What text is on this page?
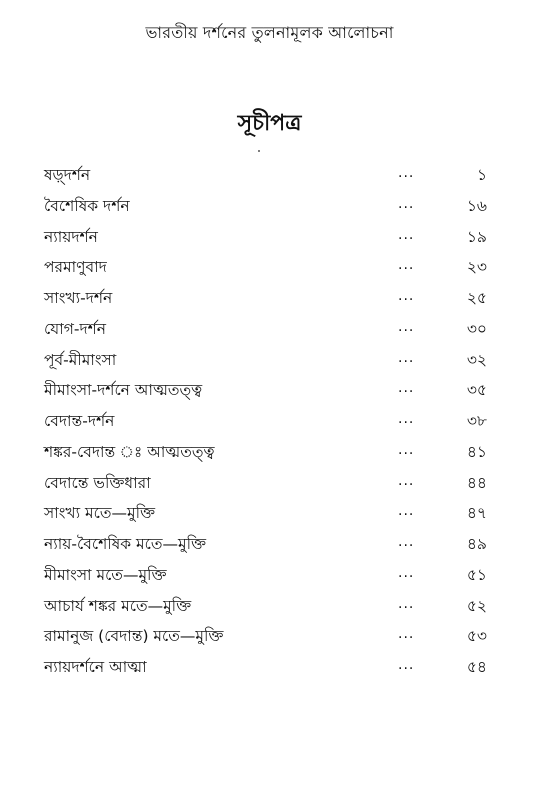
ভারতীয় দর্শনের তুলনামূলক আলোচনা
সূচীপত্র
ষড়্দর্শন	...	১
বৈশেষিক দর্শন	...	১৬
ন্যায়দর্শন	...	১৯
পরমাণুবাদ	...	২৩
সাংখ্য-দর্শন	...	২৫
যোগ-দর্শন	...	৩০
পূর্ব-মীমাংসা	...	৩২
মীমাংসা-দর্শনে আত্মতত্ত্ব	...	৩৫
বেদান্ত-দর্শন	...	৩৮
শঙ্কর-বেদান্ত ঃ আত্মতত্ত্ব	...	৪১
বেদান্তে ভক্তিধারা	...	৪৪
সাংখ্য মতে—মুক্তি	...	৪৭
ন্যায়-বৈশেষিক মতে—মুক্তি	...	৪৯
মীমাংসা মতে—মুক্তি	...	৫১
আচার্য শঙ্কর মতে—মুক্তি	...	৫২
রামানুজ (বেদান্ত) মতে—মুক্তি	...	৫৩
ন্যায়দর্শনে আত্মা	...	৫৪
